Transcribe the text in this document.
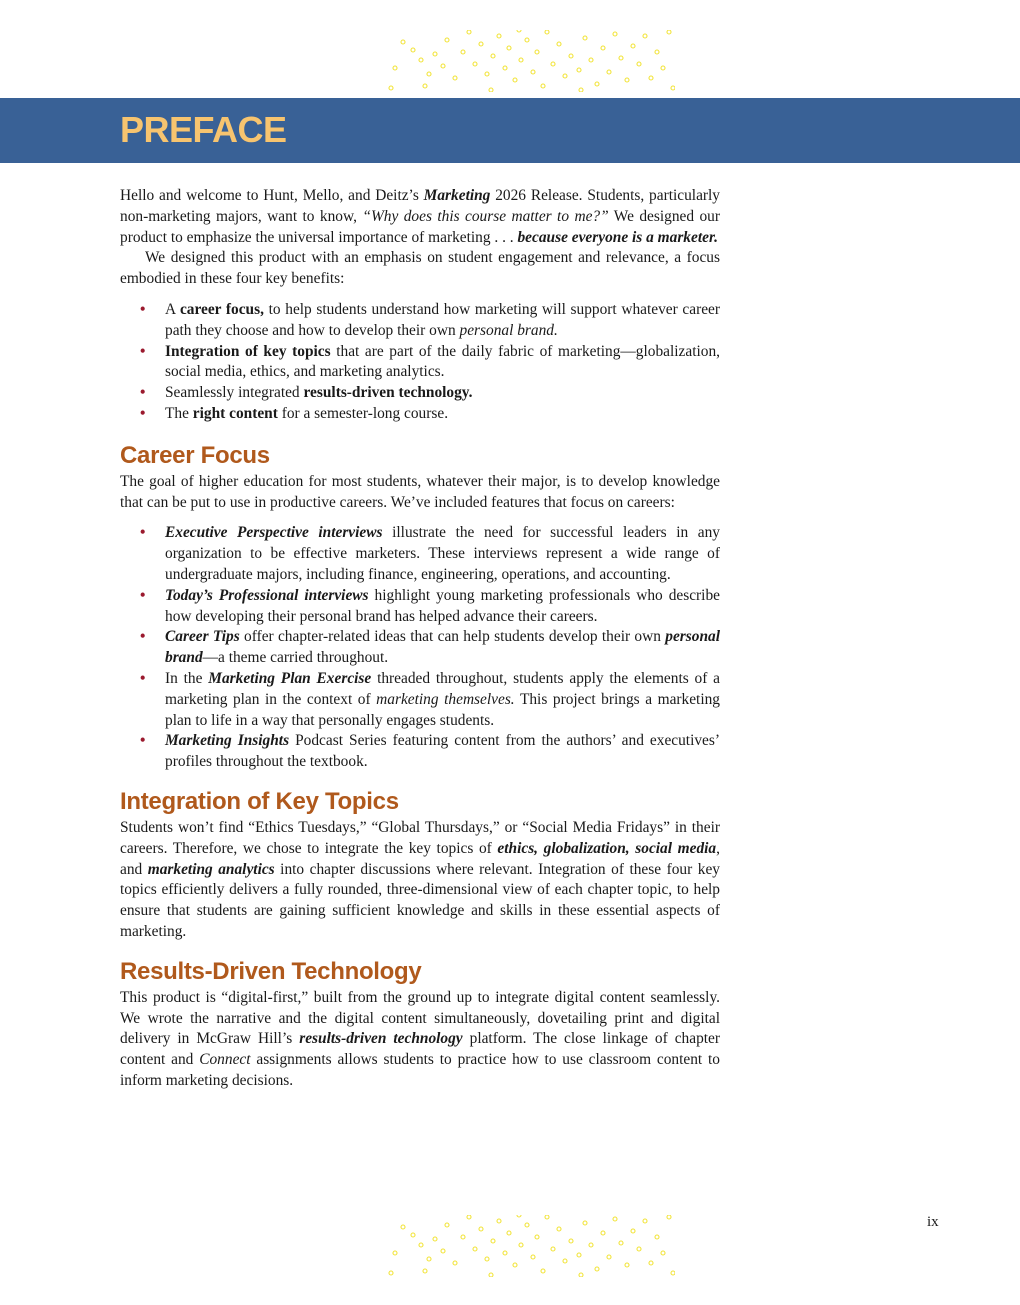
PREFACE

Hello and welcome to Hunt, Mello, and Deitz’s Marketing 2026 Release. Students, particularly non-marketing majors, want to know, “Why does this course matter to me?” We designed our product to emphasize the universal importance of marketing . . . because everyone is a marketer.

We designed this product with an emphasis on student engagement and relevance, a focus embodied in these four key benefits:

• A career focus, to help students understand how marketing will support whatever career path they choose and how to develop their own personal brand.
• Integration of key topics that are part of the daily fabric of marketing—globalization, social media, ethics, and marketing analytics.
• Seamlessly integrated results-driven technology.
• The right content for a semester-long course.
Career Focus

The goal of higher education for most students, whatever their major, is to develop knowledge that can be put to use in productive careers. We’ve included features that focus on careers:

• Executive Perspective interviews illustrate the need for successful leaders in any organization to be effective marketers. These interviews represent a wide range of undergraduate majors, including finance, engineering, operations, and accounting.
• Today’s Professional interviews highlight young marketing professionals who describe how developing their personal brand has helped advance their careers.
• Career Tips offer chapter-related ideas that can help students develop their own personal brand—a theme carried throughout.
• In the Marketing Plan Exercise threaded throughout, students apply the elements of a marketing plan in the context of marketing themselves. This project brings a marketing plan to life in a way that personally engages students.
• Marketing Insights Podcast Series featuring content from the authors’ and executives’ profiles throughout the textbook.
Integration of Key Topics

Students won’t find “Ethics Tuesdays,” “Global Thursdays,” or “Social Media Fridays” in their careers. Therefore, we chose to integrate the key topics of ethics, globalization, social media, and marketing analytics into chapter discussions where relevant. Integration of these four key topics efficiently delivers a fully rounded, three-dimensional view of each chapter topic, to help ensure that students are gaining sufficient knowledge and skills in these essential aspects of marketing.

Results-Driven Technology

This product is “digital-first,” built from the ground up to integrate digital content seamlessly. We wrote the narrative and the digital content simultaneously, dovetailing print and digital delivery in McGraw Hill’s results-driven technology platform. The close linkage of chapter content and Connect assignments allows students to practice how to use classroom content to inform marketing decisions.

ix
